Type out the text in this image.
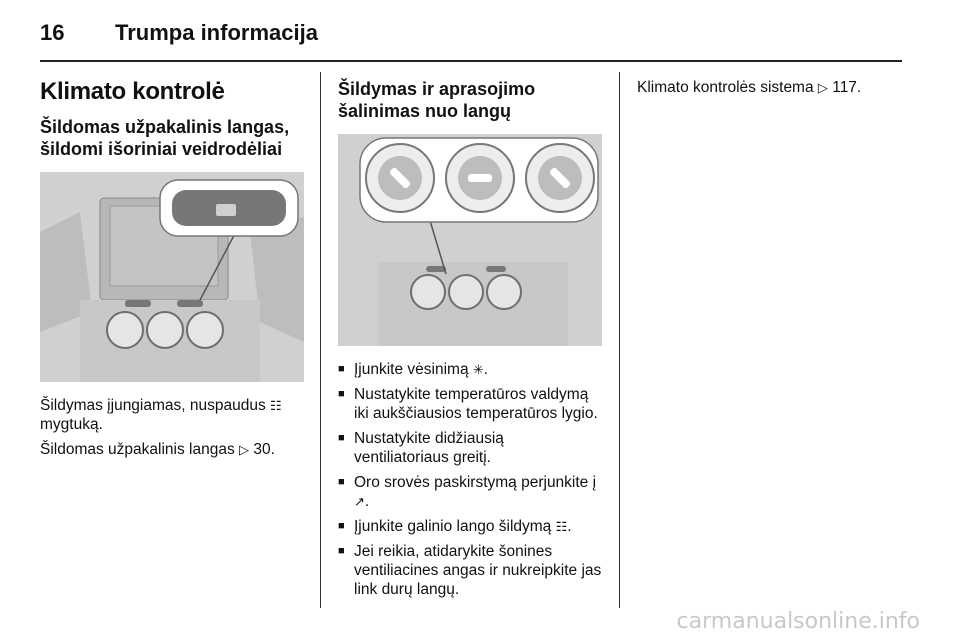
16 Trumpa informacija
Klimato kontrolė
Šildomas užpakalinis langas, šildomi išoriniai veidrodėliai

Šildymas įjungiamas, nuspaudus ☷ mygtuką.

Šildomas užpakalinis langas ▷ 30.

Šildymas ir aprasojimo šalinimas nuo langų
■ Įjunkite vėsinimą ✳.
■ Nustatykite temperatūros valdymą iki aukščiausios temperatūros lygio.
■ Nustatykite didžiausią ventiliatoriaus greitį.
■ Oro srovės paskirstymą perjunkite į ↗.
■ Įjunkite galinio lango šildymą ☷.
■ Jei reikia, atidarykite šonines ventiliacines angas ir nukreipkite jas link durų langų.

Klimato kontrolės sistema ▷ 117.

carmanualsonline.info
